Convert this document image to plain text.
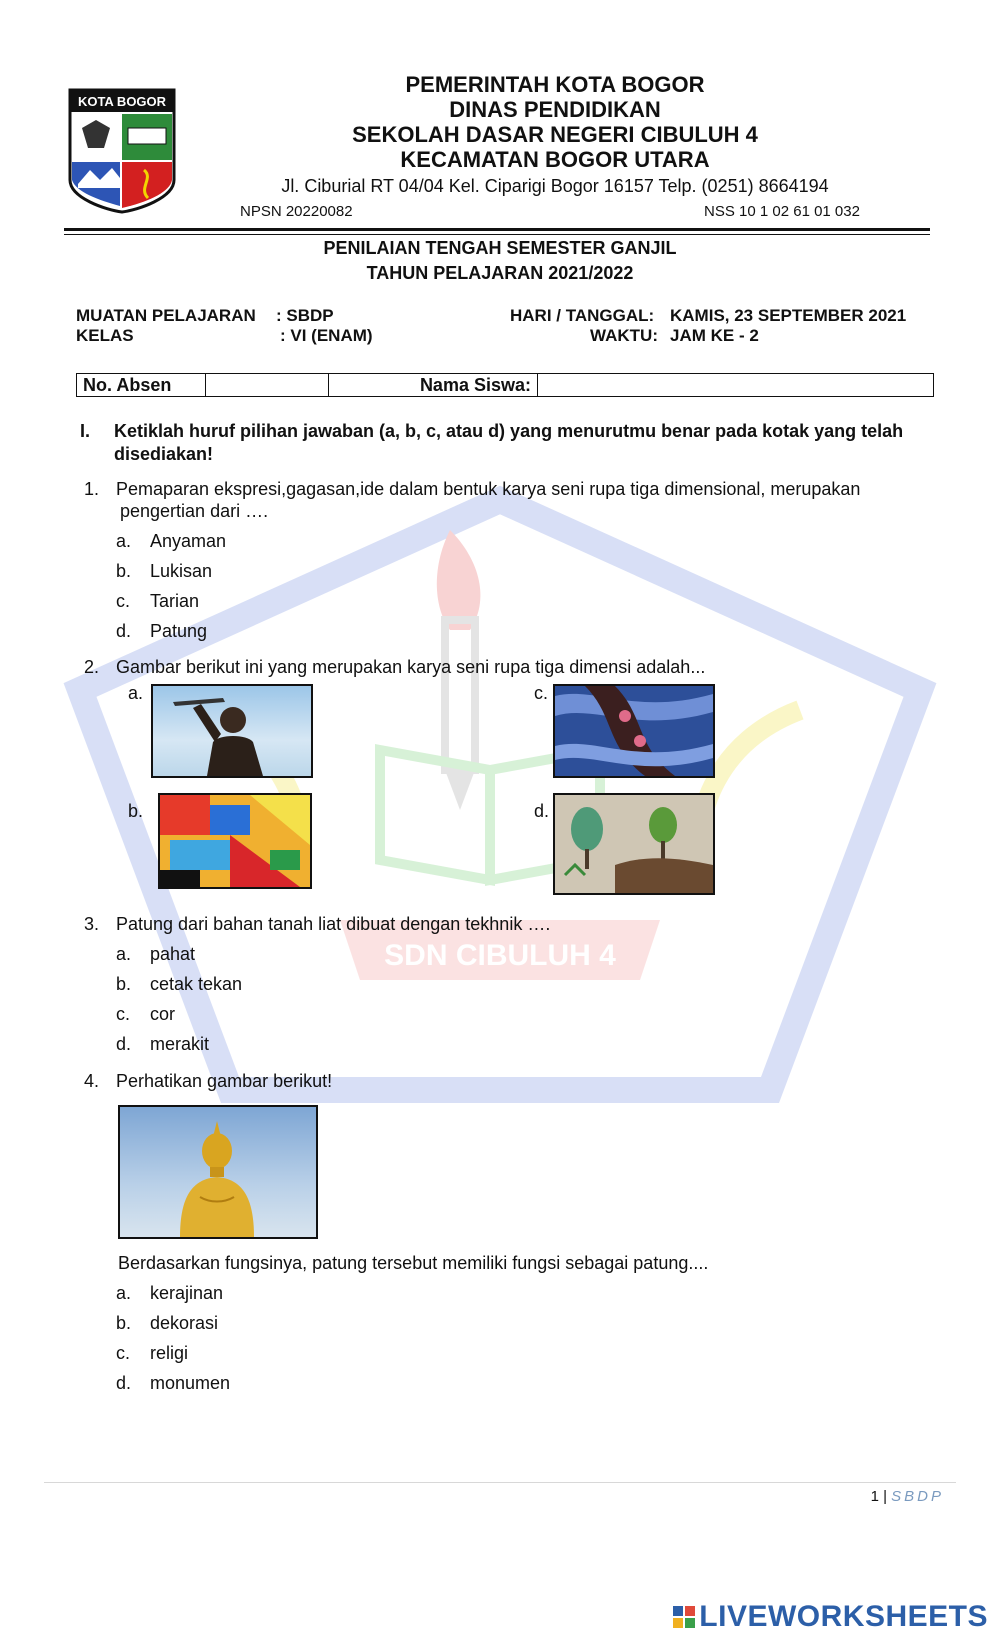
SDN CIBULUH 4
KOTA BOGOR
PEMERINTAH KOTA BOGOR
DINAS PENDIDIKAN
SEKOLAH DASAR NEGERI CIBULUH 4
KECAMATAN BOGOR UTARA
Jl. Ciburial RT 04/04 Kel. Ciparigi Bogor 16157 Telp. (0251) 8664194
NPSN 20220082	NSS 10 1 02 61 01 032
PENILAIAN TENGAH SEMESTER GANJIL
TAHUN PELAJARAN 2021/2022
MUATAN PELAJARAN : SBDP
KELAS	: VI (ENAM)
HARI / TANGGAL: KAMIS, 23 SEPTEMBER 2021
WAKTU: JAM KE - 2
No. Absen		Nama Siswa:	
I. Ketiklah huruf pilihan jawaban (a, b, c, atau d) yang menurutmu benar pada kotak yang telah disediakan!
1. Pemaparan ekspresi,gagasan,ide dalam bentuk karya seni rupa tiga dimensional, merupakan
pengertian dari ….
a. Anyaman
b. Lukisan
c. Tarian
d. Patung
2. Gambar berikut ini yang merupakan karya seni rupa tiga dimensi adalah...
a.	c.
b.	d.
3. Patung dari bahan tanah liat dibuat dengan tekhnik ….
a. pahat
b. cetak tekan
c. cor
d. merakit
4. Perhatikan gambar berikut!
Berdasarkan fungsinya, patung tersebut memiliki fungsi sebagai patung....
a. kerajinan
b. dekorasi
c. religi
d. monumen
1 | SBDP
LIVEWORKSHEETS
